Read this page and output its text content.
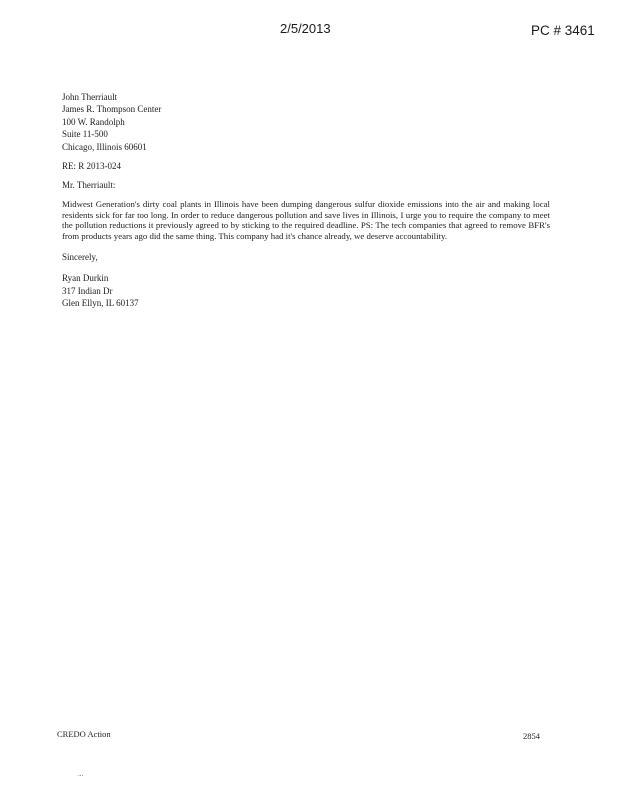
2/5/2013	PC # 3461
John Therriault
James R. Thompson Center
100 W. Randolph
Suite 11-500
Chicago, Illinois 60601
RE: R 2013-024
Mr. Therriault:
Midwest Generation's dirty coal plants in Illinois have been dumping dangerous sulfur dioxide emissions into the air and making local residents sick for far too long. In order to reduce dangerous pollution and save lives in Illinois, I urge you to require the company to meet the pollution reductions it previously agreed to by sticking to the required deadline. PS: The tech companies that agreed to remove BFR's from products years ago did the same thing. This company had it's chance already, we deserve accountability.
Sincerely,
Ryan Durkin
317 Indian Dr
Glen Ellyn, IL 60137
CREDO Action	2854
...
